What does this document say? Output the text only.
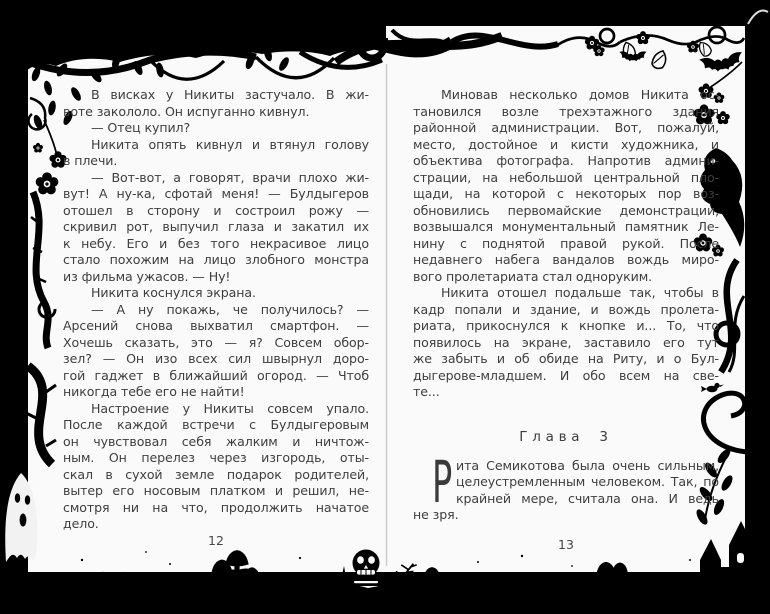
В висках у Никиты застучало. В жи-
воте закололо. Он испуганно кивнул.
— Отец купил?
Никита опять кивнул и втянул голову
в плечи.
— Вот-вот, а говорят, врачи плохо жи-
вут! А ну-ка, сфотай меня! — Булдыгеров
отошел в сторону и состроил рожу —
скривил рот, выпучил глаза и закатил их
к небу. Его и без того некрасивое лицо
стало похожим на лицо злобного монстра
из фильма ужасов. — Ну!
Никита коснулся экрана.
— А ну покажь, че получилось? —
Арсений снова выхватил смартфон. —
Хочешь сказать, это — я? Совсем обор-
зел? — Он изо всех сил швырнул доро-
гой гаджет в ближайший огород. — Чтоб
никогда тебе его не найти!
Настроение у Никиты совсем упало.
После каждой встречи с Булдыгеровым
он чувствовал себя жалким и ничтож-
ным. Он перелез через изгородь, оты-
скал в сухой земле подарок родителей,
вытер его носовым платком и решил, не-
смотря ни на что, продолжить начатое
дело.
Миновав несколько домов Никита ос-
тановился возле трехэтажного здания
районной администрации. Вот, пожалуй,
место, достойное и кисти художника, и
объектива фотографа. Напротив админи-
страции, на небольшой центральной пло-
щади, на которой с некоторых пор воз-
обновились первомайские демонстрации,
возвышался монументальный памятник Ле-
нину с поднятой правой рукой. После
недавнего набега вандалов вождь миро-
вого пролетариата стал одноруким.
Никита отошел подальше так, чтобы в
кадр попали и здание, и вождь пролета-
риата, прикоснулся к кнопке и... То, что
появилось на экране, заставило его тут
же забыть и об обиде на Риту, и о Бул-
дыгерове-младшем. И обо всем на све-
те...
Глава 3
Р ита Семикотова была очень сильным,
целеустремленным человеком. Так, по
крайней мере, считала она. И ведь
не зря.
12	13
